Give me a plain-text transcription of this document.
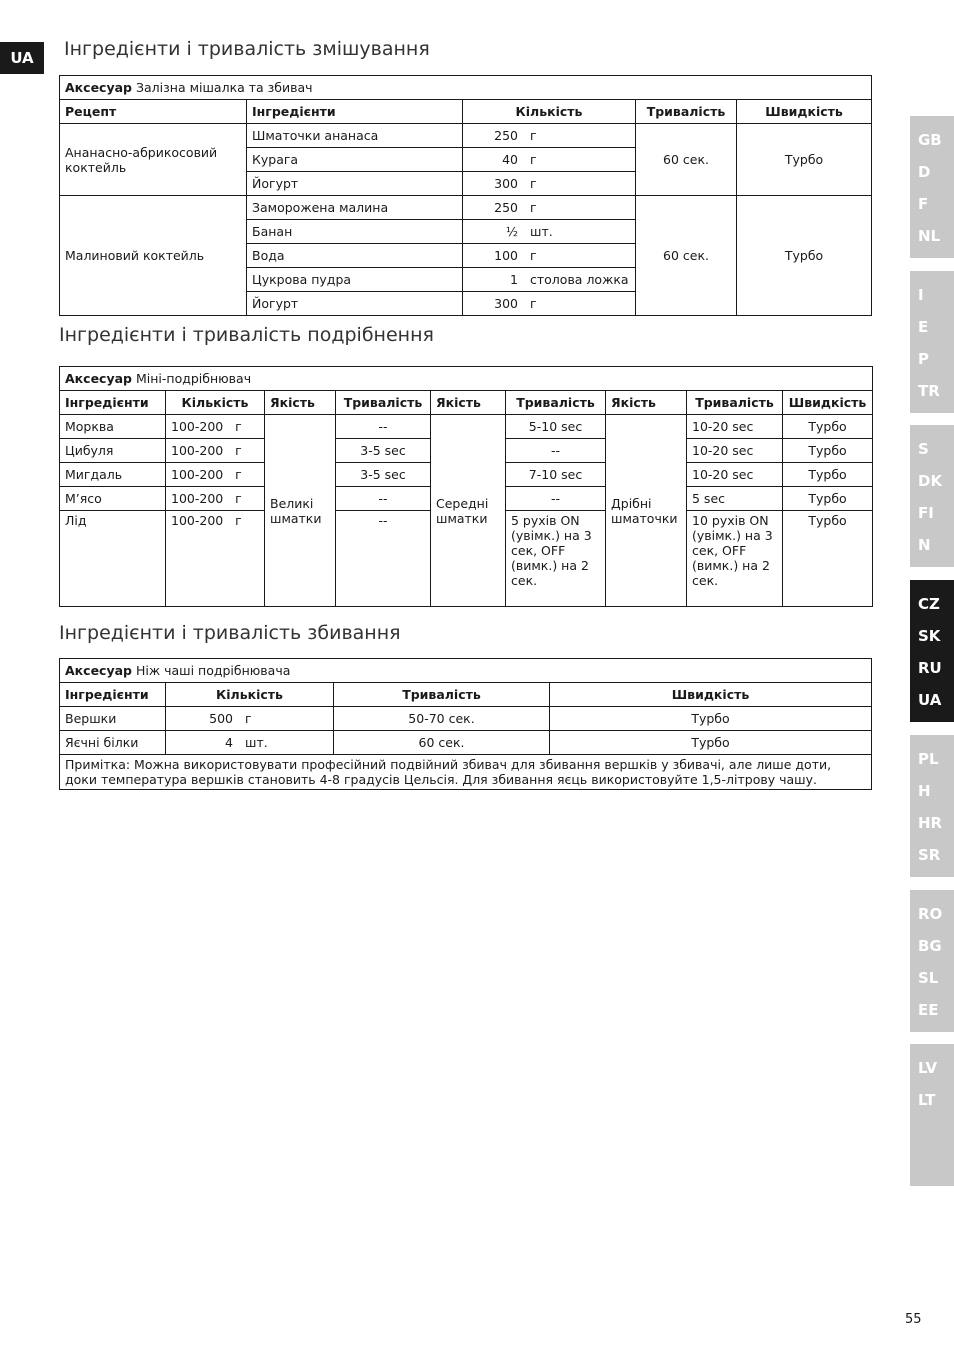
UA	Інгредієнти і тривалість змішування
Аксесуар Залізна мішалка та збивач				
Рецепт	Інгредієнти	Кількість	Тривалість	Швидкість
Ананасно-абрикосовий коктейль	Шматочки ананаса	250 г	60 сек.	Турбо
	Курага	40 г		

	Йогурт	300 г		

Малиновий коктейль	Заморожена малина	250 г	60 сек.	Турбо
	Банан	½ шт.		

	Вода	100 г		

	Цукрова пудра	1 столова ложка		

	Йогурт	300 г		
Інгредієнти і тривалість подрібнення
Аксесуар Міні-подрібнювач								
Інгредієнти	Кількість	Якість	Тривалість	Якість	Тривалість	Якість	Тривалість	Швидкість
Морква	100-200 г	Великі шматки	--	Середні шматки	5-10 sec	Дрібні шматочки	10-20 sec	Турбо
Цибуля	100-200 г		3-5 sec		--		10-20 sec	Турбо
Мигдаль	100-200 г		3-5 sec		7-10 sec		10-20 sec	Турбо
М’ясо	100-200 г		--		--		5 sec	Турбо
Лід	100-200 г		--		5 рухів ON (увімк.) на 3 сек, OFF (вимк.) на 2 сек.		10 рухів ON (увімк.) на 3 сек, OFF (вимк.) на 2 сек.	Турбо
Інгредієнти і тривалість збивання
Аксесуар Ніж чаші подрібнювача			
Інгредієнти	Кількість	Тривалість	Швидкість
Вершки	500 г	50-70 сек.	Турбо
Яєчні білки	4 шт.	60 сек.	Турбо
Примітка: Можна використовувати професійний подвійний збивач для збивання вершків у збивачі, але лише доти, доки температура вершків становить 4-8 градусів Цельсія. Для збивання яєць використовуйте 1,5-літрову чашу.			
GB
D
F
NL
I
E
P
TR
S
DK
FI
N
CZ
SK
RU
UA
PL
H
HR
SR
RO
BG
SL
EE
LV
LT
55
